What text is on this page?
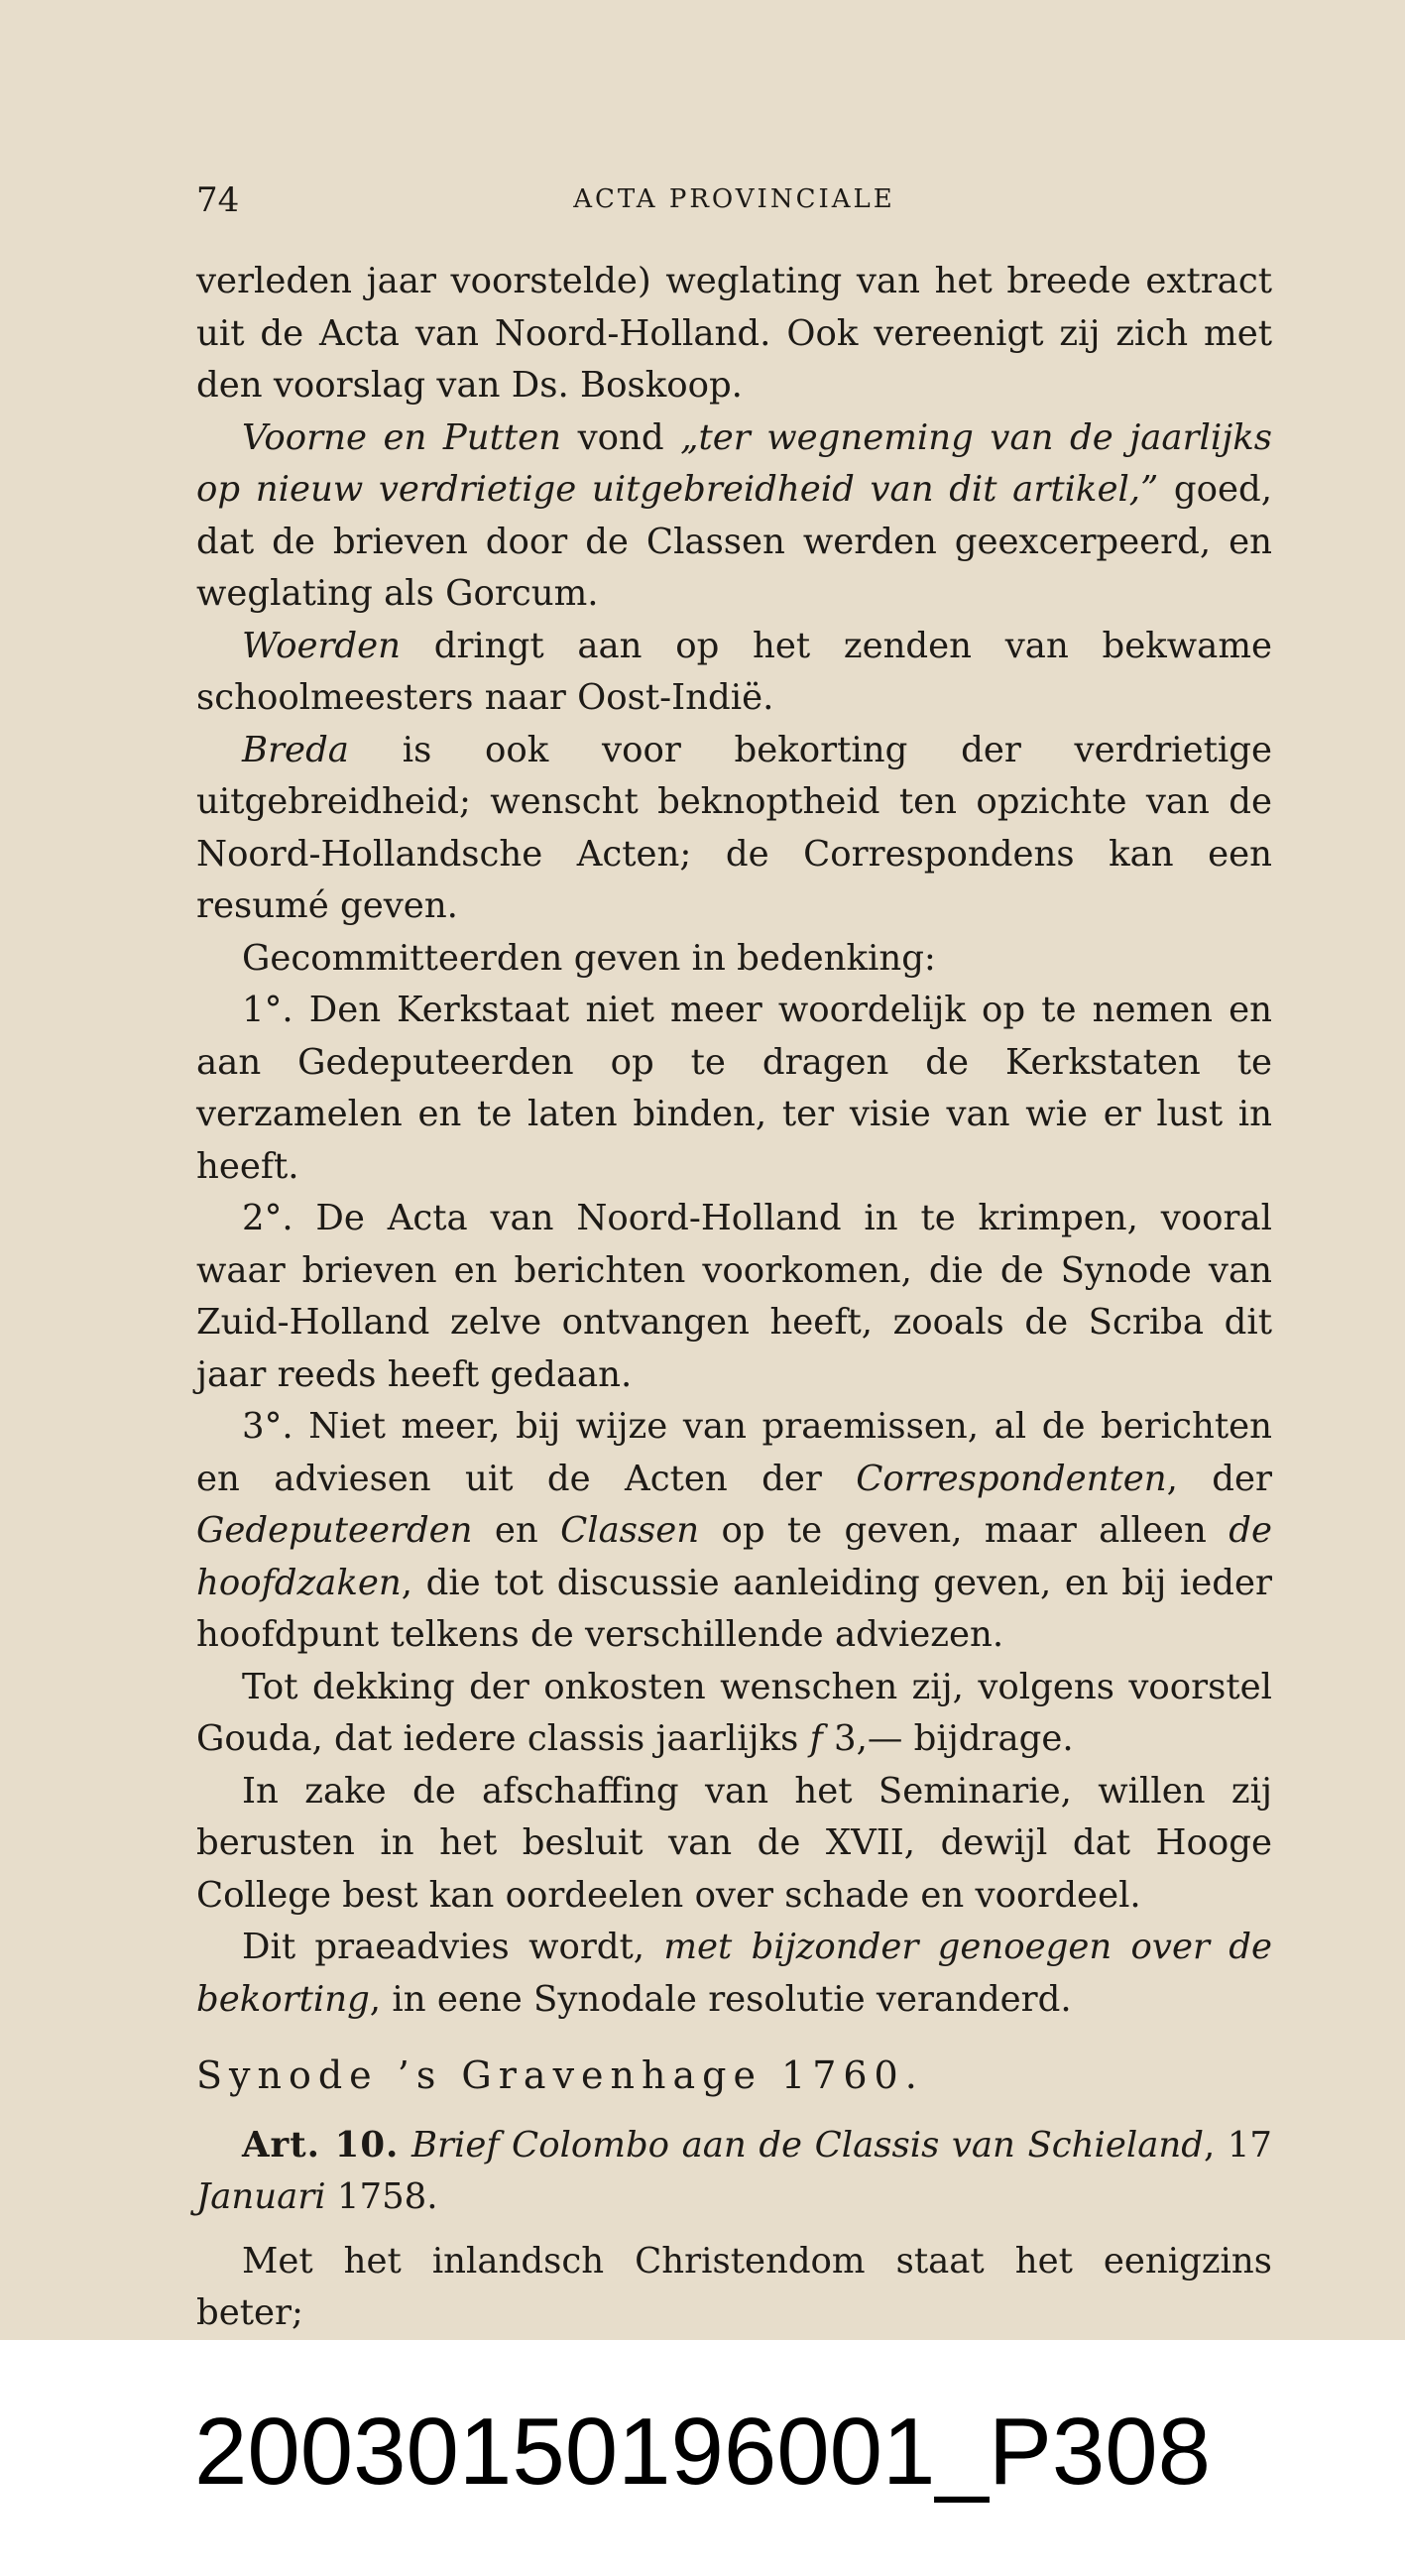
74	ACTA PROVINCIALE

verleden jaar voorstelde) weglating van het breede extract uit de Acta van Noord-Holland. Ook vereenigt zij zich met den voorslag van Ds. Boskoop.

Voorne en Putten vond „ter wegneming van de jaarlijks op nieuw verdrietige uitgebreidheid van dit artikel,” goed, dat de brieven door de Classen werden geexcerpeerd, en weglating als Gorcum.

Woerden dringt aan op het zenden van bekwame schoolmeesters naar Oost-Indië.

Breda is ook voor bekorting der verdrietige uitgebreidheid; wenscht beknoptheid ten opzichte van de Noord-Hollandsche Acten; de Correspondens kan een resumé geven.

Gecommitteerden geven in bedenking:

1°. Den Kerkstaat niet meer woordelijk op te nemen en aan Gedeputeerden op te dragen de Kerkstaten te verzamelen en te laten binden, ter visie van wie er lust in heeft.

2°. De Acta van Noord-Holland in te krimpen, vooral waar brieven en berichten voorkomen, die de Synode van Zuid-Holland zelve ontvangen heeft, zooals de Scriba dit jaar reeds heeft gedaan.

3°. Niet meer, bij wijze van praemissen, al de berichten en adviesen uit de Acten der Correspondenten, der Gedeputeerden en Classen op te geven, maar alleen de hoofdzaken, die tot discussie aanleiding geven, en bij ieder hoofdpunt telkens de verschillende adviezen.

Tot dekking der onkosten wenschen zij, volgens voorstel Gouda, dat iedere classis jaarlijks f 3,— bijdrage.

In zake de afschaffing van het Seminarie, willen zij berusten in het besluit van de XVII, dewijl dat Hooge College best kan oordeelen over schade en voordeel.

Dit praeadvies wordt, met bijzonder genoegen over de bekorting, in eene Synodale resolutie veranderd.

Synode ’s Gravenhage 1760.

Art. 10. Brief Colombo aan de Classis van Schieland, 17 Januari 1758.

Met het inlandsch Christendom staat het eenigzins beter;

20030150196001_P308
